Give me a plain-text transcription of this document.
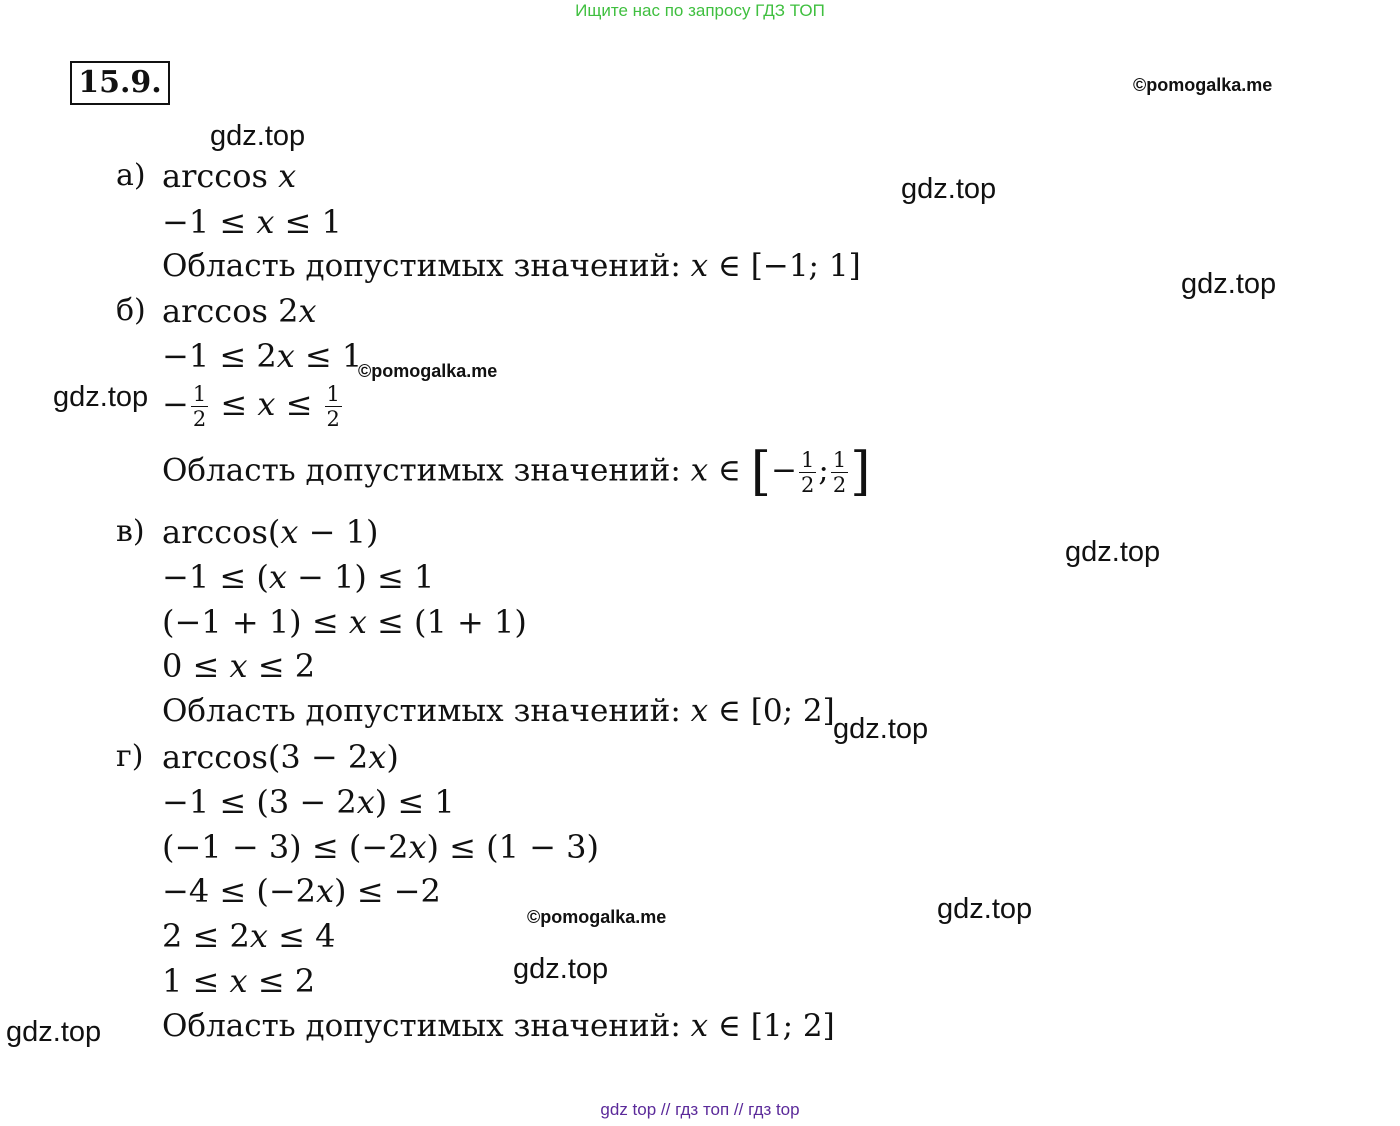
Ищите нас по запросу ГДЗ ТОП
15.9.	©pomogalka.me
©pomogalka.me
©pomogalka.me
gdz.top
gdz.top
gdz.top
gdz.top
gdz.top
gdz.top
gdz.top
gdz.top
gdz.top
а) arccos 𝑥
−1 ≤ 𝑥 ≤ 1
Область допустимых значений: 𝑥 ∈ [−1; 1]
б) arccos 2𝑥
−1 ≤ 2𝑥 ≤ 1
− $\frac{1}{2}$ ≤ 𝑥 ≤ $\frac{1}{2}$
Область допустимых значений: 𝑥 ∈ [− $\frac{1}{2}$ ; $\frac{1}{2}$ ]
в) arccos(𝑥 − 1)
−1 ≤ (𝑥 − 1) ≤ 1
(−1 + 1) ≤ 𝑥 ≤ (1 + 1)
0 ≤ 𝑥 ≤ 2
Область допустимых значений: 𝑥 ∈ [0; 2]
г) arccos(3 − 2𝑥)
−1 ≤ (3 − 2𝑥) ≤ 1
(−1 − 3) ≤ (−2𝑥) ≤ (1 − 3)
−4 ≤ (−2𝑥) ≤ −2
2 ≤ 2𝑥 ≤ 4
1 ≤ 𝑥 ≤ 2
Область допустимых значений: 𝑥 ∈ [1; 2]
gdz top // гдз топ // гдз top
